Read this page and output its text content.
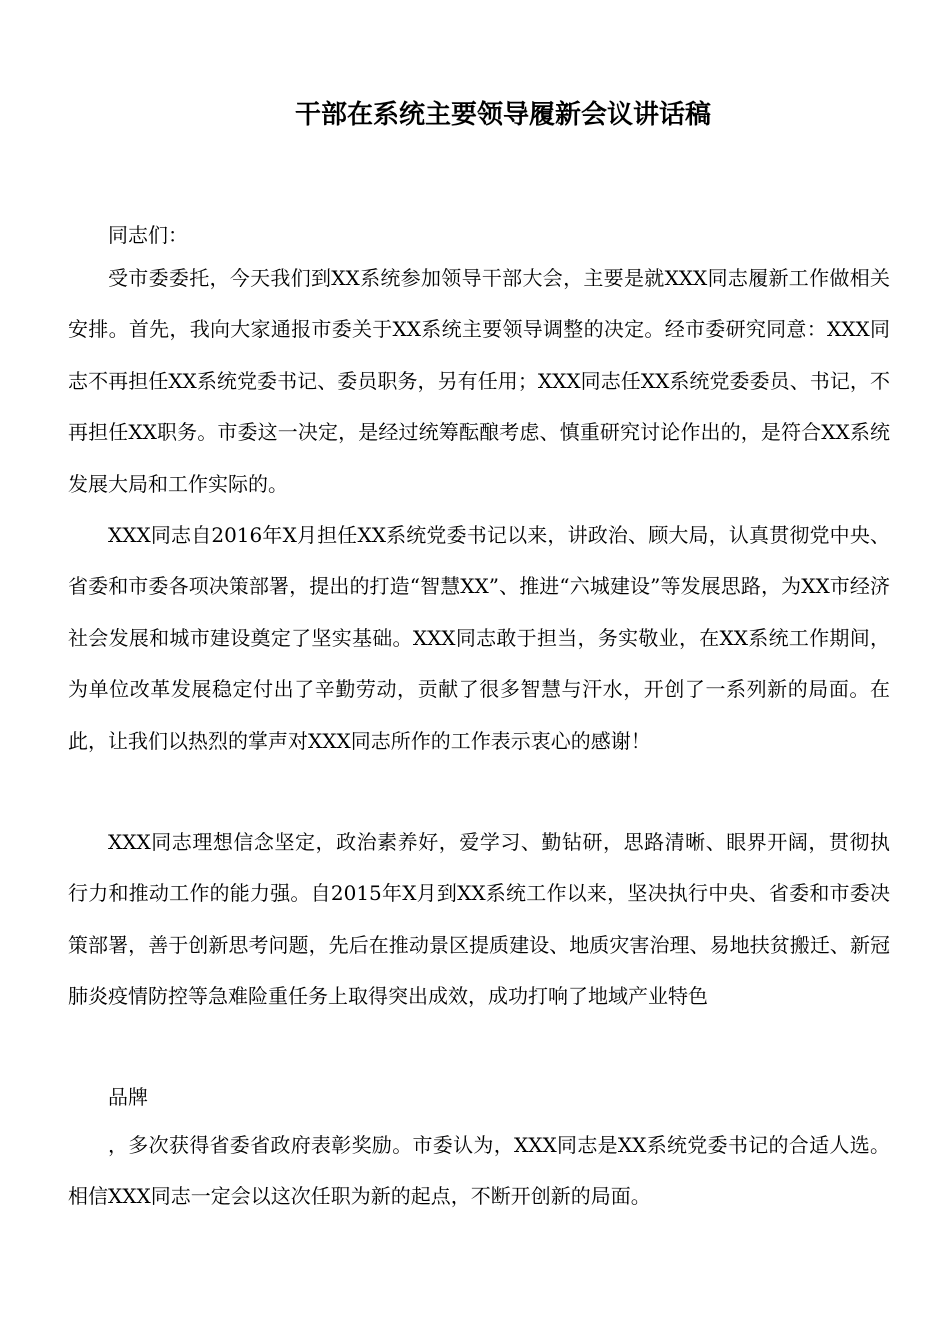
干部在系统主要领导履新会议讲话稿

同志们：

受市委委托，今天我们到XX系统参加领导干部大会，主要是就XXX同志履新工作做相关安排。首先，我向大家通报市委关于XX系统主要领导调整的决定。经市委研究同意：XXX同志不再担任XX系统党委书记、委员职务，另有任用；XXX同志任XX系统党委委员、书记，不再担任XX职务。市委这一决定，是经过统筹酝酿考虑、慎重研究讨论作出的，是符合XX系统发展大局和工作实际的。

XXX同志自2016年X月担任XX系统党委书记以来，讲政治、顾大局，认真贯彻党中央、省委和市委各项决策部署，提出的打造“智慧XX”、推进“六城建设”等发展思路，为XX市经济社会发展和城市建设奠定了坚实基础。XXX同志敢于担当，务实敬业，在XX系统工作期间，为单位改革发展稳定付出了辛勤劳动，贡献了很多智慧与汗水，开创了一系列新的局面。在此，让我们以热烈的掌声对XXX同志所作的工作表示衷心的感谢！

XXX同志理想信念坚定，政治素养好，爱学习、勤钻研，思路清晰、眼界开阔，贯彻执行力和推动工作的能力强。自2015年X月到XX系统工作以来，坚决执行中央、省委和市委决策部署，善于创新思考问题，先后在推动景区提质建设、地质灾害治理、易地扶贫搬迁、新冠肺炎疫情防控等急难险重任务上取得突出成效，成功打响了地域产业特色

品牌

，多次获得省委省政府表彰奖励。市委认为，XXX同志是XX系统党委书记的合适人选。相信XXX同志一定会以这次任职为新的起点，不断开创新的局面。
